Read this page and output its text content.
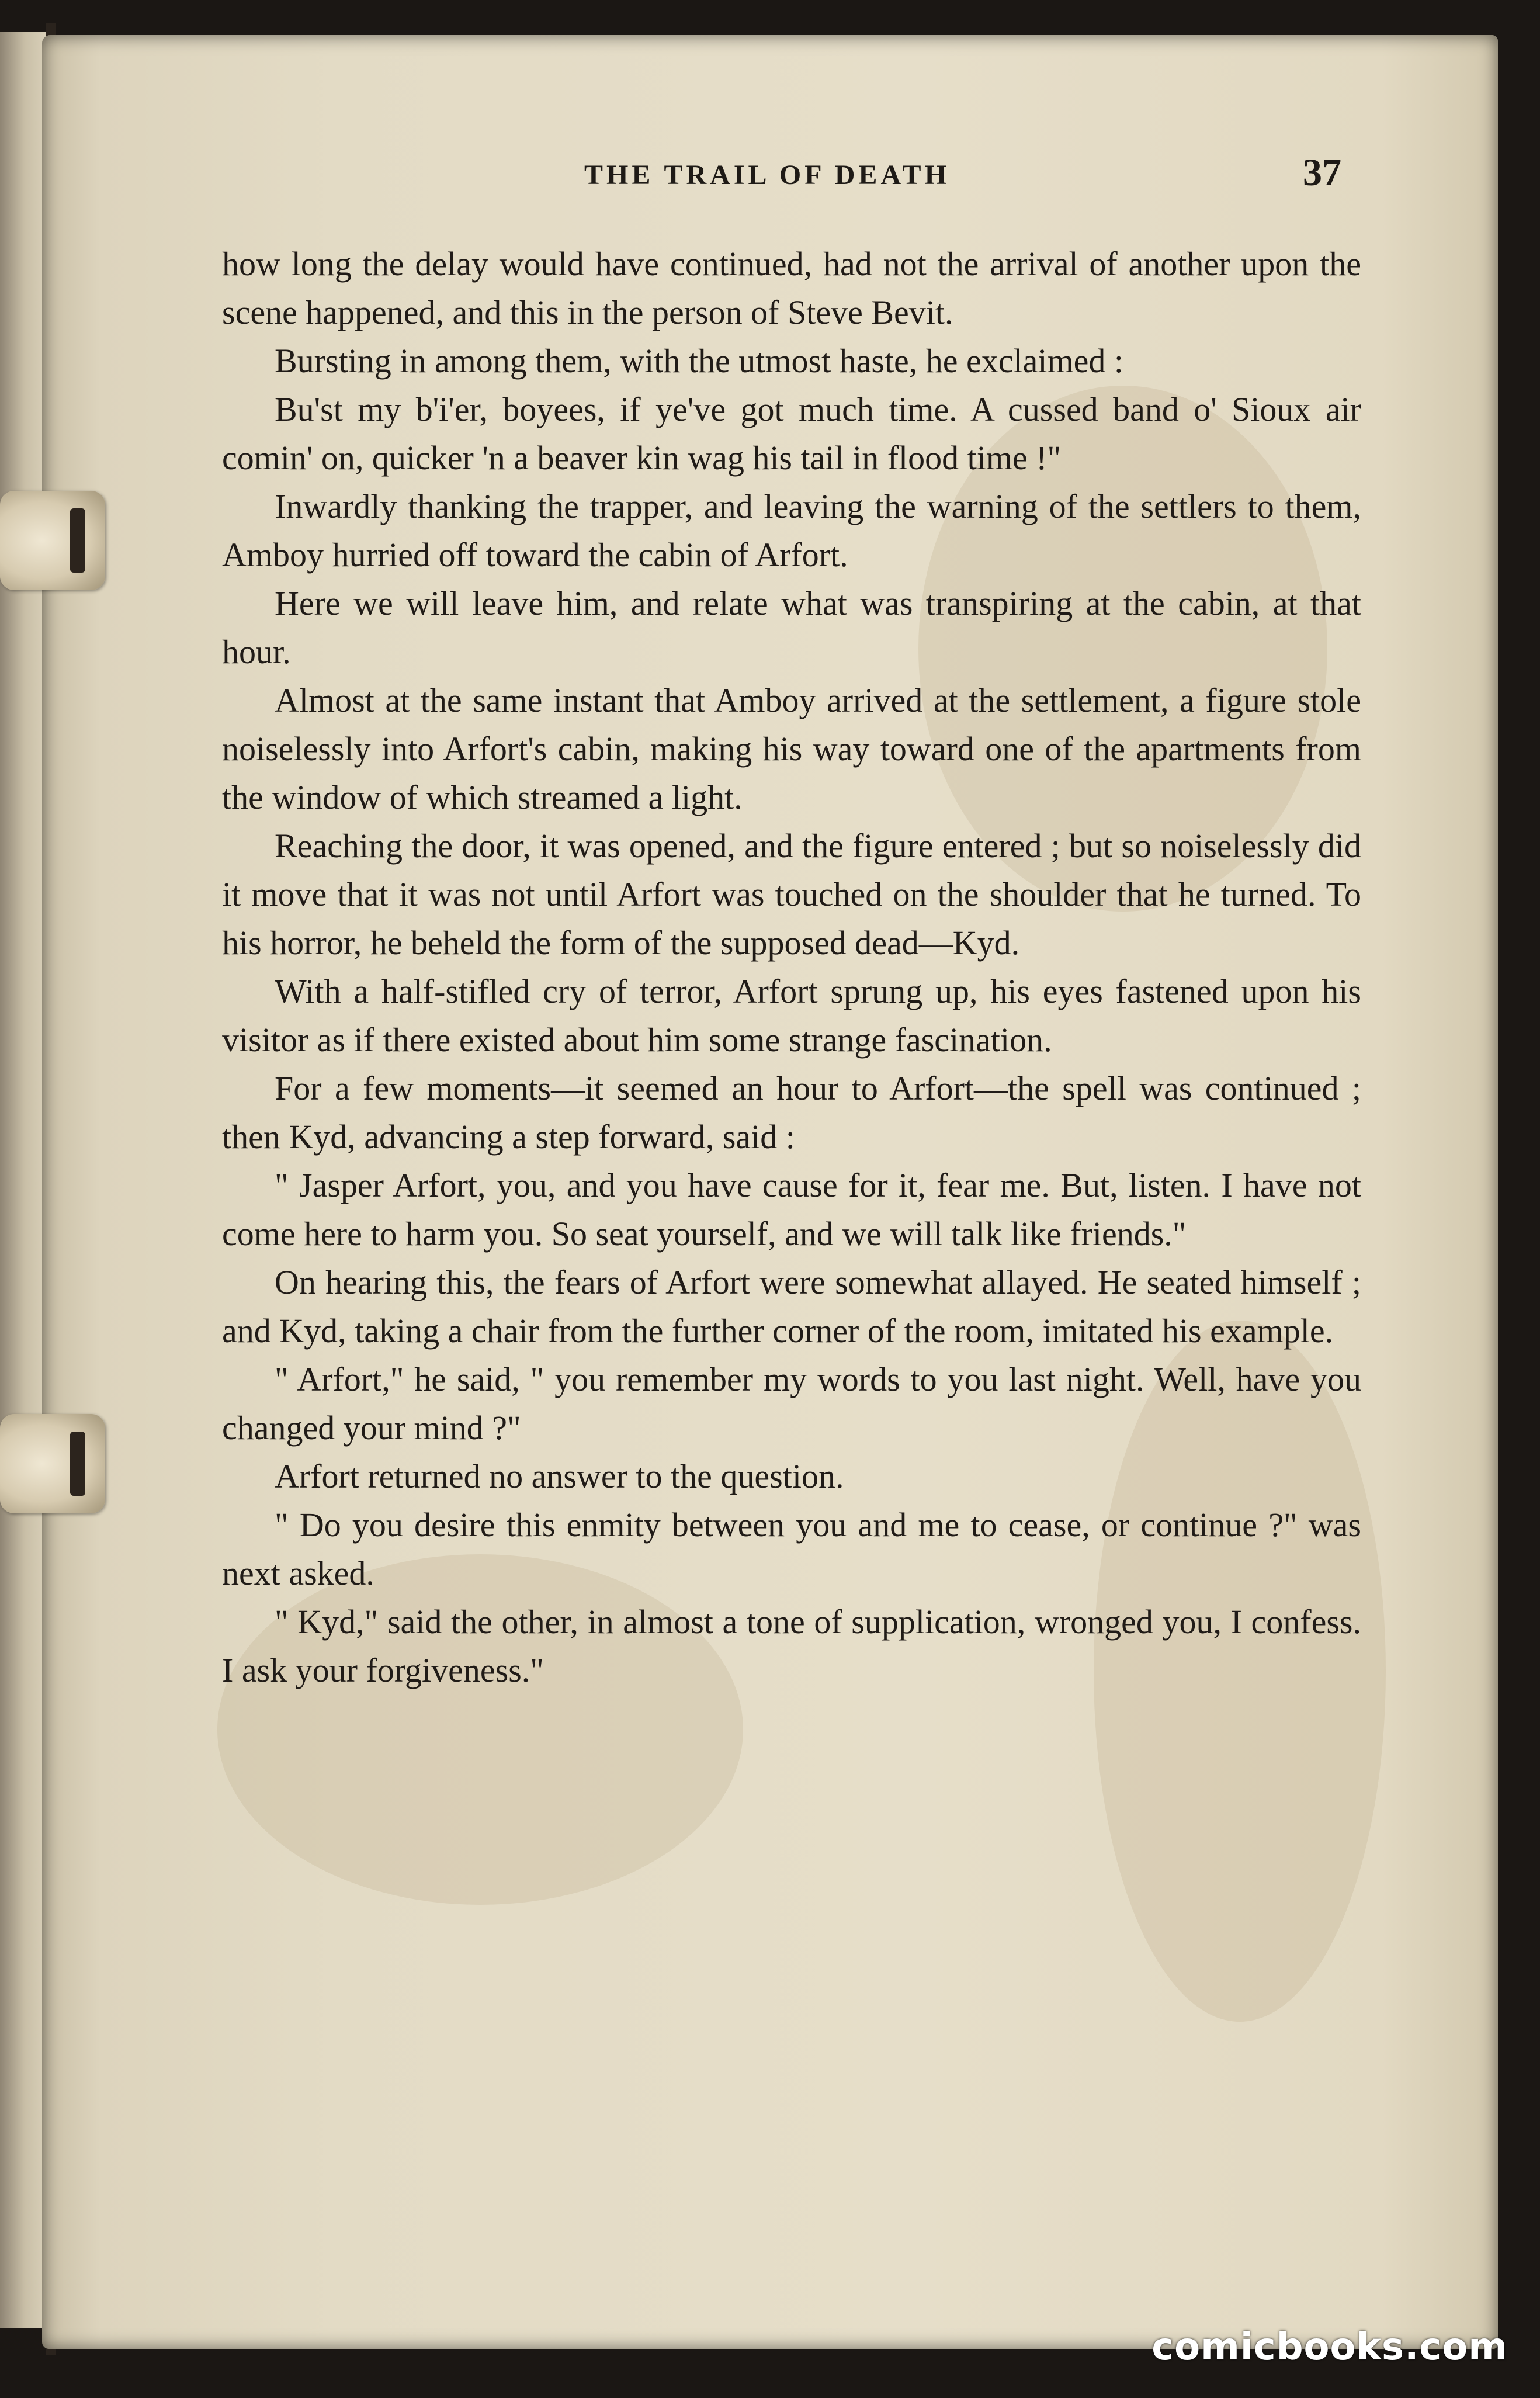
THE TRAIL OF DEATH	37

how long the delay would have continued, had not the arrival of another upon the scene happened, and this in the person of Steve Bevit.

Bursting in among them, with the utmost haste, he exclaimed :

Bu'st my b'i'er, boyees, if ye've got much time. A cussed band o' Sioux air comin' on, quicker 'n a beaver kin wag his tail in flood time !"

Inwardly thanking the trapper, and leaving the warning of the settlers to them, Amboy hurried off toward the cabin of Arfort.

Here we will leave him, and relate what was transpiring at the cabin, at that hour.

Almost at the same instant that Amboy arrived at the settlement, a figure stole noiselessly into Arfort's cabin, making his way toward one of the apartments from the window of which streamed a light.

Reaching the door, it was opened, and the figure entered ; but so noiselessly did it move that it was not until Arfort was touched on the shoulder that he turned. To his horror, he beheld the form of the supposed dead—Kyd.

With a half-stifled cry of terror, Arfort sprung up, his eyes fastened upon his visitor as if there existed about him some strange fascination.

For a few moments—it seemed an hour to Arfort—the spell was continued ; then Kyd, advancing a step forward, said :

" Jasper Arfort, you, and you have cause for it, fear me. But, listen. I have not come here to harm you. So seat yourself, and we will talk like friends."

On hearing this, the fears of Arfort were somewhat allayed. He seated himself ; and Kyd, taking a chair from the further corner of the room, imitated his example.

" Arfort," he said, " you remember my words to you last night. Well, have you changed your mind ?"

Arfort returned no answer to the question.

" Do you desire this enmity between you and me to cease, or continue ?" was next asked.

" Kyd," said the other, in almost a tone of supplication, wronged you, I confess. I ask your forgiveness."

comicbooks.com
